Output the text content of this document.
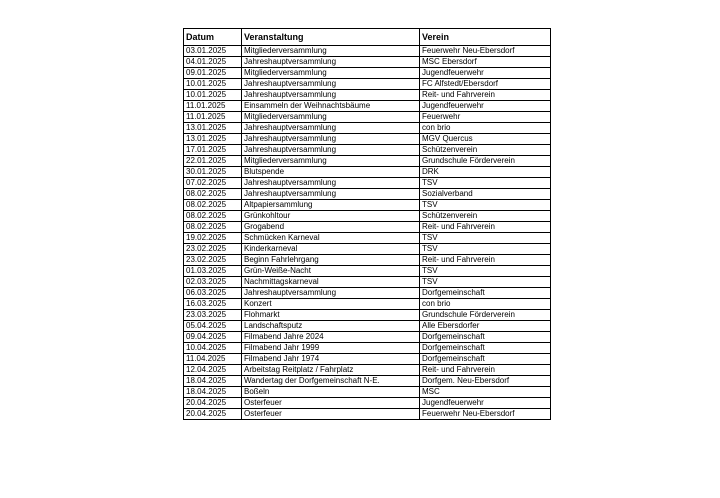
Datum	Veranstaltung	Verein
03.01.2025	Mitgliederversammlung	Feuerwehr Neu-Ebersdorf
04.01.2025	Jahreshauptversammlung	MSC Ebersdorf
09.01.2025	Mitgliederversammlung	Jugendfeuerwehr
10.01.2025	Jahreshauptversammlung	FC Alfstedt/Ebersdorf
10.01.2025	Jahreshauptversammlung	Reit- und Fahrverein
11.01.2025	Einsammeln der Weihnachtsbäume	Jugendfeuerwehr
11.01.2025	Mitgliederversammlung	Feuerwehr
13.01.2025	Jahreshauptversammlung	con brio
13.01.2025	Jahreshauptversammlung	MGV Quercus
17.01.2025	Jahreshauptversammlung	Schützenverein
22.01.2025	Mitgliederversammlung	Grundschule Förderverein
30.01.2025	Blutspende	DRK
07.02.2025	Jahreshauptversammlung	TSV
08.02.2025	Jahreshauptversammlung	Sozialverband
08.02.2025	Altpapiersammlung	TSV
08.02.2025	Grünkohltour	Schützenverein
08.02.2025	Grogabend	Reit- und Fahrverein
19.02.2025	Schmücken Karneval	TSV
23.02.2025	Kinderkarneval	TSV
23.02.2025	Beginn Fahrlehrgang	Reit- und Fahrverein
01.03.2025	Grün-Weiße-Nacht	TSV
02.03.2025	Nachmittagskarneval	TSV
06.03.2025	Jahreshauptversammlung	Dorfgemeinschaft
16.03.2025	Konzert	con brio
23.03.2025	Flohmarkt	Grundschule Förderverein
05.04.2025	Landschaftsputz	Alle Ebersdorfer
09.04.2025	Filmabend Jahre 2024	Dorfgemeinschaft
10.04.2025	Filmabend Jahr 1999	Dorfgemeinschaft
11.04.2025	Filmabend Jahr 1974	Dorfgemeinschaft
12.04.2025	Arbeitstag Reitplatz / Fahrplatz	Reit- und Fahrverein
18.04.2025	Wandertag der Dorfgemeinschaft N-E.	Dorfgem. Neu-Ebersdorf
18.04.2025	Boßeln	MSC
20.04.2025	Osterfeuer	Jugendfeuerwehr
20.04.2025	Osterfeuer	Feuerwehr Neu-Ebersdorf
